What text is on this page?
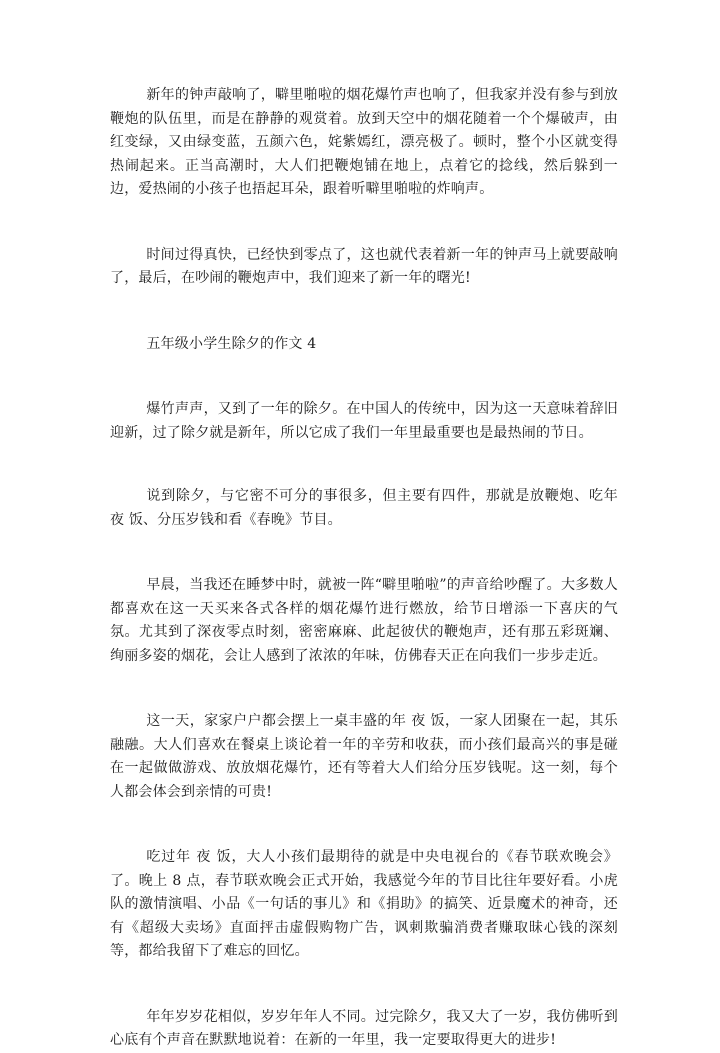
新年的钟声敲响了，噼里啪啦的烟花爆竹声也响了，但我家并没有参与到放鞭炮的队伍里，而是在静静的观赏着。放到天空中的烟花随着一个个爆破声，由红变绿，又由绿变蓝，五颜六色，姹紫嫣红，漂亮极了。顿时，整个小区就变得热闹起来。正当高潮时，大人们把鞭炮铺在地上，点着它的捻线，然后躲到一边，爱热闹的小孩子也捂起耳朵，跟着听噼里啪啦的炸响声。

时间过得真快，已经快到零点了，这也就代表着新一年的钟声马上就要敲响了，最后，在吵闹的鞭炮声中，我们迎来了新一年的曙光!

五年级小学生除夕的作文 4

爆竹声声，又到了一年的除夕。在中国人的传统中，因为这一天意味着辞旧迎新，过了除夕就是新年，所以它成了我们一年里最重要也是最热闹的节日。

说到除夕，与它密不可分的事很多，但主要有四件，那就是放鞭炮、吃年 夜 饭、分压岁钱和看《春晚》节目。

早晨，当我还在睡梦中时，就被一阵“噼里啪啦”的声音给吵醒了。大多数人都喜欢在这一天买来各式各样的烟花爆竹进行燃放，给节日增添一下喜庆的气氛。尤其到了深夜零点时刻，密密麻麻、此起彼伏的鞭炮声，还有那五彩斑斓、绚丽多姿的烟花，会让人感到了浓浓的年味，仿佛春天正在向我们一步步走近。

这一天，家家户户都会摆上一桌丰盛的年 夜 饭，一家人团聚在一起，其乐融融。大人们喜欢在餐桌上谈论着一年的辛劳和收获，而小孩们最高兴的事是碰在一起做做游戏、放放烟花爆竹，还有等着大人们给分压岁钱呢。这一刻，每个人都会体会到亲情的可贵!

吃过年 夜 饭，大人小孩们最期待的就是中央电视台的《春节联欢晚会》了。晚上 8 点，春节联欢晚会正式开始，我感觉今年的节目比往年要好看。小虎队的激情演唱、小品《一句话的事儿》和《捐助》的搞笑、近景魔术的神奇，还有《超级大卖场》直面抨击虚假购物广告，讽刺欺骗消费者赚取昧心钱的深刻等，都给我留下了难忘的回忆。

年年岁岁花相似，岁岁年年人不同。过完除夕，我又大了一岁，我仿佛听到心底有个声音在默默地说着：在新的一年里，我一定要取得更大的进步!
